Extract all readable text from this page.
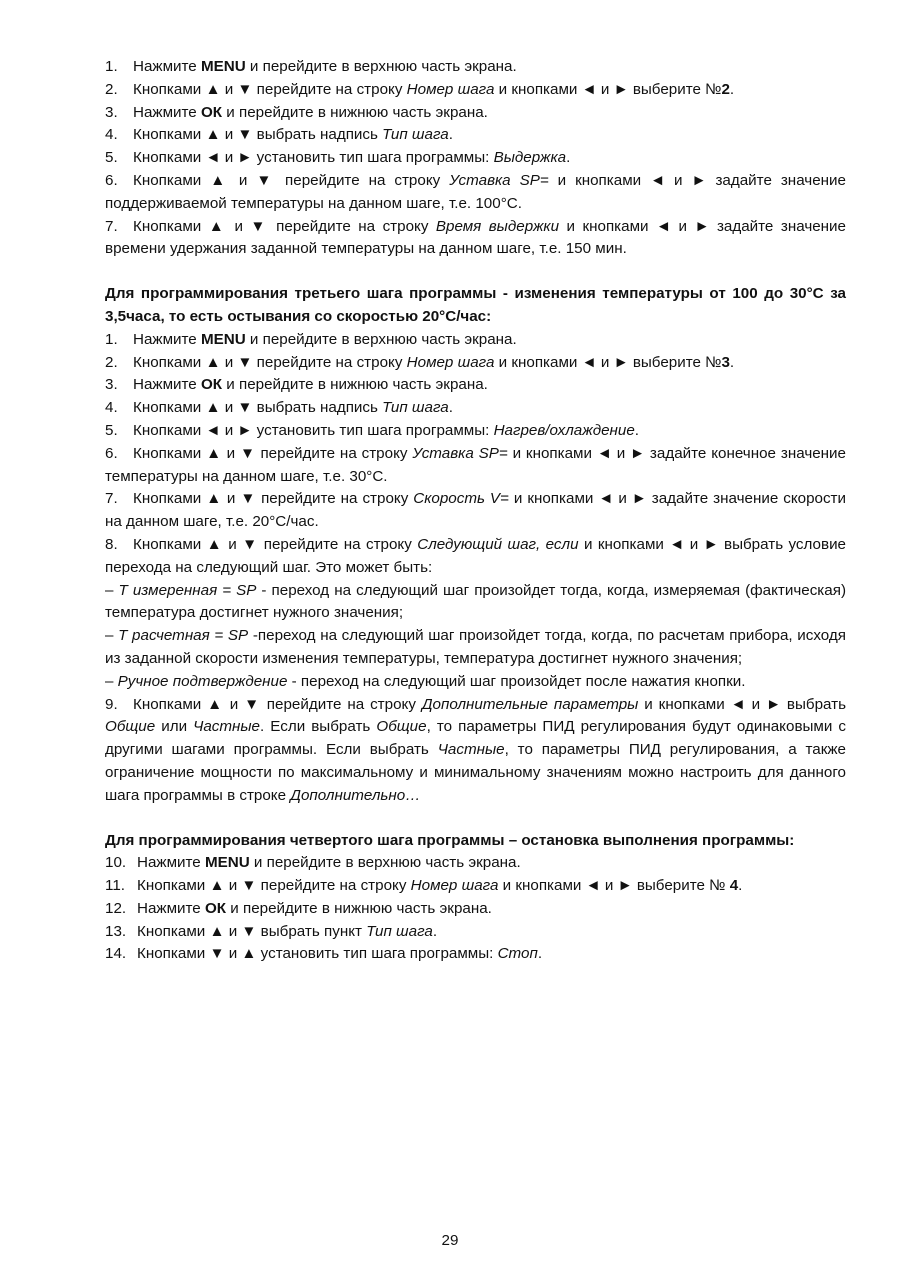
1. Нажмите MENU и перейдите в верхнюю часть экрана.
2. Кнопками ▲ и ▼ перейдите на строку Номер шага и кнопками ◄ и ► выберите №2.
3. Нажмите ОК и перейдите в нижнюю часть экрана.
4. Кнопками ▲ и ▼ выбрать надпись Тип шага.
5. Кнопками ◄ и ► установить тип шага программы: Выдержка.
6. Кнопками ▲ и ▼ перейдите на строку Уставка SP= и кнопками ◄ и ► задайте значение поддерживаемой температуры на данном шаге, т.е. 100°С.
7. Кнопками ▲ и ▼ перейдите на строку Время выдержки и кнопками ◄ и ► задайте значение времени удержания заданной температуры на данном шаге, т.е. 150 мин.
Для программирования третьего шага программы - изменения температуры от 100 до 30°С за 3,5часа, то есть остывания со скоростью 20°С/час:
1. Нажмите MENU и перейдите в верхнюю часть экрана.
2. Кнопками ▲ и ▼ перейдите на строку Номер шага и кнопками ◄ и ► выберите №3.
3. Нажмите ОК и перейдите в нижнюю часть экрана.
4. Кнопками ▲ и ▼ выбрать надпись Тип шага.
5. Кнопками ◄ и ► установить тип шага программы: Нагрев/охлаждение.
6. Кнопками ▲ и ▼ перейдите на строку Уставка SP= и кнопками ◄ и ► задайте конечное значение температуры на данном шаге, т.е. 30°С.
7. Кнопками ▲ и ▼ перейдите на строку Скорость V= и кнопками ◄ и ► задайте значение скорости на данном шаге, т.е. 20°С/час.
8. Кнопками ▲ и ▼ перейдите на строку Следующий шаг, если и кнопками ◄ и ► выбрать условие перехода на следующий шаг. Это может быть:
– Т измеренная = SP - переход на следующий шаг произойдет тогда, когда, измеряемая (фактическая) температура достигнет нужного значения;
– Т расчетная = SP -переход на следующий шаг произойдет тогда, когда, по расчетам прибора, исходя из заданной скорости изменения температуры, температура достигнет нужного значения;
– Ручное подтверждение - переход на следующий шаг произойдет после нажатия кнопки.
9. Кнопками ▲ и ▼ перейдите на строку Дополнительные параметры и кнопками ◄ и ► выбрать Общие или Частные. Если выбрать Общие, то параметры ПИД регулирования будут одинаковыми с другими шагами программы. Если выбрать Частные, то параметры ПИД регулирования, а также ограничение мощности по максимальному и минимальному значениям можно настроить для данного шага программы в строке Дополнительно…
Для программирования четвертого шага программы – остановка выполнения программы:
10. Нажмите MENU и перейдите в верхнюю часть экрана.
11. Кнопками ▲ и ▼ перейдите на строку Номер шага и кнопками ◄ и ► выберите № 4.
12. Нажмите ОК и перейдите в нижнюю часть экрана.
13. Кнопками ▲ и ▼ выбрать пункт Тип шага.
14. Кнопками ▼ и ▲ установить тип шага программы: Стоп.
29
